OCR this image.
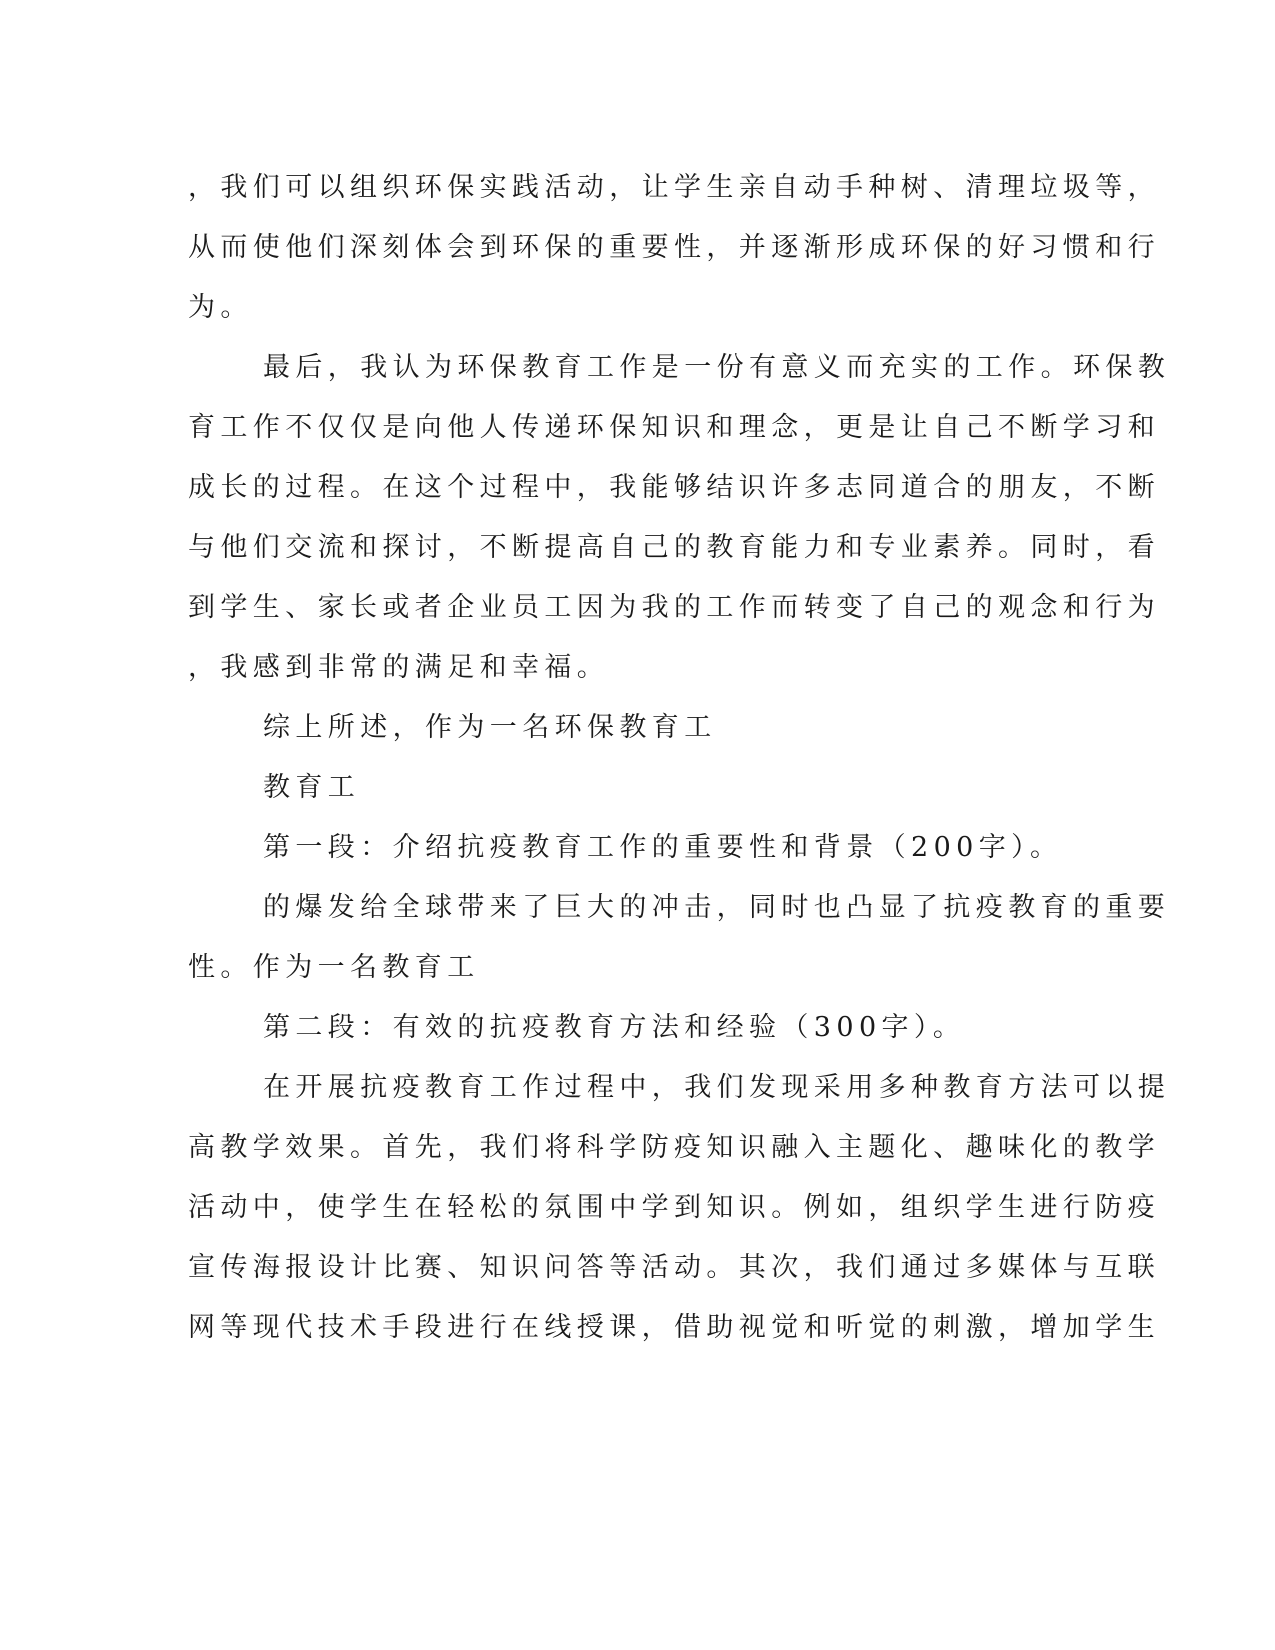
，我们可以组织环保实践活动，让学生亲自动手种树、清理垃圾等，
从而使他们深刻体会到环保的重要性，并逐渐形成环保的好习惯和行
为。
最后，我认为环保教育工作是一份有意义而充实的工作。环保教
育工作不仅仅是向他人传递环保知识和理念，更是让自己不断学习和
成长的过程。在这个过程中，我能够结识许多志同道合的朋友，不断
与他们交流和探讨，不断提高自己的教育能力和专业素养。同时，看
到学生、家长或者企业员工因为我的工作而转变了自己的观念和行为
，我感到非常的满足和幸福。
综上所述，作为一名环保教育工
教育工
第一段：介绍抗疫教育工作的重要性和背景（200字）。
的爆发给全球带来了巨大的冲击，同时也凸显了抗疫教育的重要
性。作为一名教育工
第二段：有效的抗疫教育方法和经验（300字）。
在开展抗疫教育工作过程中，我们发现采用多种教育方法可以提
高教学效果。首先，我们将科学防疫知识融入主题化、趣味化的教学
活动中，使学生在轻松的氛围中学到知识。例如，组织学生进行防疫
宣传海报设计比赛、知识问答等活动。其次，我们通过多媒体与互联
网等现代技术手段进行在线授课，借助视觉和听觉的刺激，增加学生
